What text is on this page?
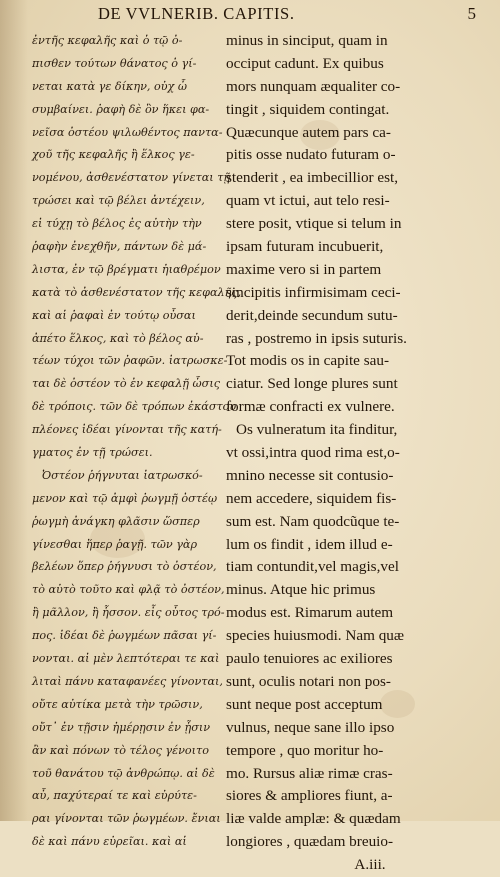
DE VVLNERIB. CAPITIS.	5
ἐντῆς κεφαλῆς καὶ ὁ τῷ ὀ-
πισθεν τούτων θάνατος ὁ γί-
νεται κατὰ γε δίκην, οὐχ ὧ
συμβαίνει. ῥαφὴ δὲ ὃν ἥκει φα-
νεῖσα ὀστέου ψιλωθέντος παντα-
χοῦ τῆς κεφαλῆς ἢ ἕλκος γε-
νομένου, ἀσθενέστατον γίνεται τῇ
τρώσει καὶ τῷ βέλει ἀντέχειν,
εἰ τύχῃ τὸ βέλος ἐς αὐτὴν τὴν
ῥαφὴν ἐνεχθῆν, πάντων δὲ μά-
λιστα, ἐν τῷ βρέγματι ἠιαθρέμον
κατὰ τὸ ἀσθενέστατον τῆς κεφαλῆς,
καὶ αἱ ῥαφαὶ ἐν τούτῳ οὖσαι
ἀπέτο ἕλκος, καὶ τὸ βέλος αὐ-
τέων τύχοι τῶν ῥαφῶν. ἰατρωσκε-
ται δὲ ὀστέον τὸ ἐν κεφαλῇ ὧσις
δὲ τρόποις. τῶν δὲ τρόπων ἑκάστου
πλέονες ἰδέαι γίνονται τῆς κατή-
γματος ἐν τῇ τρώσει.
Ὀστέον ῥήγνυται ἰατρωσκό-
μενον καὶ τῷ ἀμφὶ ῥωγμῇ ὀστέῳ
ῥωγμὴ ἀνάγκη φλᾶσιν ὥσπερ
γίνεσθαι ἥπερ ῥαγῇ. τῶν γὰρ
βελέων ὅπερ ῥήγνυσι τὸ ὀστέον,
τὸ αὐτὸ τοῦτο καὶ φλᾷ τὸ ὀστέον,
ἢ μᾶλλον, ἢ ἧσσον. εἷς οὗτος τρό-
πος. ἰδέαι δὲ ῥωγμέων πᾶσαι γί-
νονται. αἱ μὲν λεπτότεραι τε καὶ
λιταὶ πάνυ καταφανέες γίνονται,
οὔτε αὐτίκα μετὰ τὴν τρῶσιν,
οὔτ᾽ ἐν τῇσιν ἡμέρῃσιν ἐν ᾗσιν
ἂν καὶ πόνων τὸ τέλος γένοιτο
τοῦ θανάτου τῷ ἀνθρώπῳ. αἱ δὲ
αὖ, παχύτεραί τε καὶ εὐρύτε-
ραι γίνονται τῶν ῥωγμέων. ἔνιαι
δὲ καὶ πάνυ εὐρεῖαι. καὶ αἱ
minus in sinciput, quam in
occiput cadunt. Ex quibus
mors nunquam æqualiter co-
tingit , siquidem contingat.
Quæcunque autem pars ca-
pitis osse nudato futuram o-
stenderit , ea imbecillior est,
quam vt ictui, aut telo resi-
stere posit, vtique si telum in
ipsam futuram incubuerit,
maxime vero si in partem
sincipitis infirmisimam ceci-
derit,deinde secundum sutu-
ras , postremo in ipsis suturis.
Tot modis os in capite sau-
ciatur. Sed longe plures sunt
formæ confracti ex vulnere.
Os vulneratum ita finditur,
vt ossi,intra quod rima est,o-
mnino necesse sit contusio-
nem accedere, siquidem fis-
sum est. Nam quodcũque te-
lum os findit , idem illud e-
tiam contundit,vel magis,vel
minus. Atque hic primus
modus est. Rimarum autem
species huiusmodi. Nam quæ
paulo tenuiores ac exiliores
sunt, oculis notari non pos-
sunt neque post acceptum
vulnus, neque sane illo ipso
tempore , quo moritur ho-
mo. Rursus aliæ rimæ cras-
siores & ampliores fiunt, a-
liæ valde amplæ: & quædam
longiores , quædam breuio-
A.iii.
